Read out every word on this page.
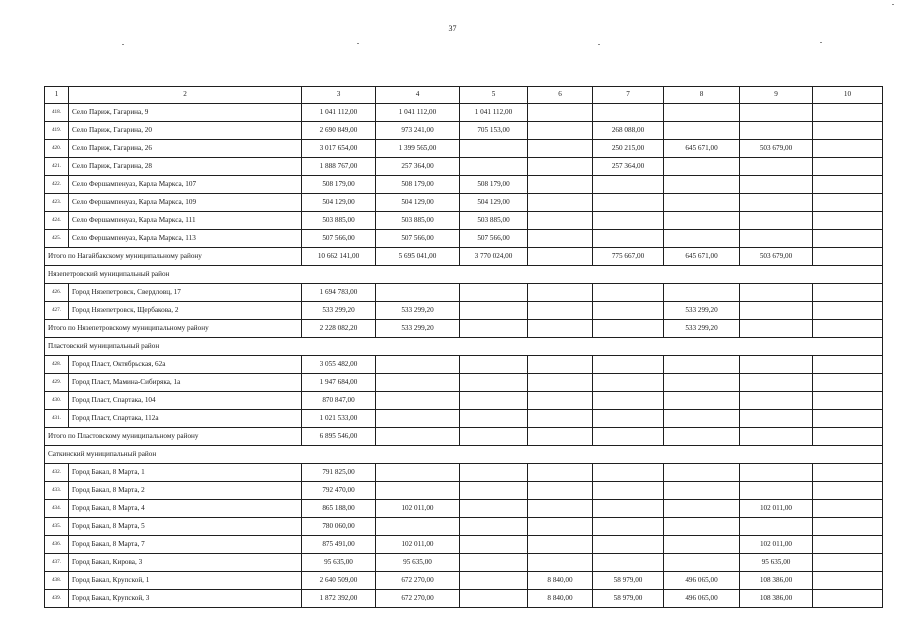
37
1	2	3	4	5	6	7	8	9	10
418.	Село Париж, Гагарина, 9	1 041 112,00	1 041 112,00	1 041 112,00					
419.	Село Париж, Гагарина, 20	2 690 849,00	973 241,00	705 153,00		268 088,00			
420.	Село Париж, Гагарина, 26	3 017 654,00	1 399 565,00			250 215,00	645 671,00	503 679,00	
421.	Село Париж, Гагарина, 28	1 888 767,00	257 364,00			257 364,00			
422.	Село Фершампенуаз, Карла Маркса, 107	508 179,00	508 179,00	508 179,00					
423.	Село Фершампенуаз, Карла Маркса, 109	504 129,00	504 129,00	504 129,00					
424.	Село Фершампенуаз, Карла Маркса, 111	503 885,00	503 885,00	503 885,00					
425.	Село Фершампенуаз, Карла Маркса, 113	507 566,00	507 566,00	507 566,00					
Итого по Нагайбакскому муниципальному району		10 662 141,00	5 695 041,00	3 770 024,00		775 667,00	645 671,00	503 679,00	
Нязепетровский муниципальный район									
426.	Город Нязепетровск, Свердловц, 17	1 694 783,00							
427.	Город Нязепетровск, Щербакова, 2	533 299,20	533 299,20				533 299,20		
Итого по Нязепетровскому муниципальному району		2 228 082,20	533 299,20				533 299,20		
Пластовский муниципальный район									
428.	Город Пласт, Октябрьская, 62а	3 055 482,00							
429.	Город Пласт, Мамина-Сибиряка, 1а	1 947 684,00							
430.	Город Пласт, Спартака, 104	870 847,00							
431.	Город Пласт, Спартака, 112а	1 021 533,00							
Итого по Пластовскому муниципальному району		6 895 546,00							
Саткинский муниципальный район									
432.	Город Бакал, 8 Марта, 1	791 825,00							
433.	Город Бакал, 8 Марта, 2	792 470,00							
434.	Город Бакал, 8 Марта, 4	865 188,00	102 011,00					102 011,00	
435.	Город Бакал, 8 Марта, 5	780 060,00							
436.	Город Бакал, 8 Марта, 7	875 491,00	102 011,00					102 011,00	
437.	Город Бакал, Кирова, 3	95 635,00	95 635,00					95 635,00	
438.	Город Бакал, Крупской, 1	2 640 509,00	672 270,00		8 840,00	58 979,00	496 065,00	108 386,00	
439.	Город Бакал, Крупской, 3	1 872 392,00	672 270,00		8 840,00	58 979,00	496 065,00	108 386,00	
